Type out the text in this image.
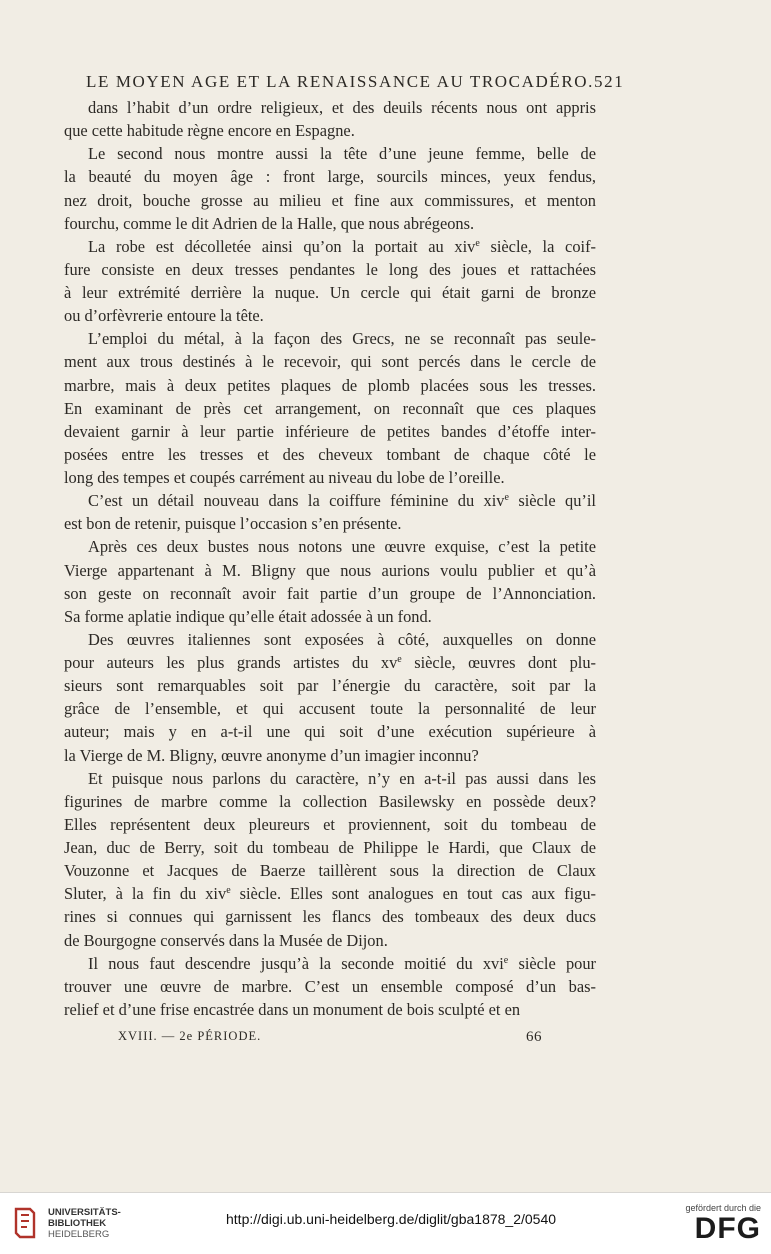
LE MOYEN AGE ET LA RENAISSANCE AU TROCADÉRO. 521

dans l’habit d’un ordre religieux, et des deuils récents nous ont appris
que cette habitude règne encore en Espagne.

Le second nous montre aussi la tête d’une jeune femme, belle de
la beauté du moyen âge : front large, sourcils minces, yeux fendus,
nez droit, bouche grosse au milieu et fine aux commissures, et menton
fourchu, comme le dit Adrien de la Halle, que nous abrégeons.

La robe est décolletée ainsi qu’on la portait au xiv$^e$ siècle, la coif-
fure consiste en deux tresses pendantes le long des joues et rattachées
à leur extrémité derrière la nuque. Un cercle qui était garni de bronze
ou d’orfèvrerie entoure la tête.

L’emploi du métal, à la façon des Grecs, ne se reconnaît pas seule-
ment aux trous destinés à le recevoir, qui sont percés dans le cercle de
marbre, mais à deux petites plaques de plomb placées sous les tresses.
En examinant de près cet arrangement, on reconnaît que ces plaques
devaient garnir à leur partie inférieure de petites bandes d’étoffe inter-
posées entre les tresses et des cheveux tombant de chaque côté le
long des tempes et coupés carrément au niveau du lobe de l’oreille.

C’est un détail nouveau dans la coiffure féminine du xiv$^e$ siècle qu’il
est bon de retenir, puisque l’occasion s’en présente.

Après ces deux bustes nous notons une œuvre exquise, c’est la petite
Vierge appartenant à M. Bligny que nous aurions voulu publier et qu’à
son geste on reconnaît avoir fait partie d’un groupe de l’Annonciation.
Sa forme aplatie indique qu’elle était adossée à un fond.

Des œuvres italiennes sont exposées à côté, auxquelles on donne
pour auteurs les plus grands artistes du $xv^e$ siècle, œuvres dont plu-
sieurs sont remarquables soit par l’énergie du caractère, soit par la
grâce de l’ensemble, et qui accusent toute la personnalité de leur
auteur; mais y en a-t-il une qui soit d’une exécution supérieure à
la Vierge de M. Bligny, œuvre anonyme d’un imagier inconnu?

Et puisque nous parlons du caractère, n’y en a-t-il pas aussi dans les
figurines de marbre comme la collection Basilewsky en possède deux?
Elles représentent deux pleureurs et proviennent, soit du tombeau de
Jean, duc de Berry, soit du tombeau de Philippe le Hardi, que Claux de
Vouzonne et Jacques de Baerze taillèrent sous la direction de Claux
Sluter, à la fin du xiv$^e$ siècle. Elles sont analogues en tout cas aux figu-
rines si connues qui garnissent les flancs des tombeaux des deux ducs
de Bourgogne conservés dans la Musée de Dijon.

Il nous faut descendre jusqu’à la seconde moitié du xvi$^e$ siècle pour
trouver une œuvre de marbre. C’est un ensemble composé d’un bas-
relief et d’une frise encastrée dans un monument de bois sculpté et en

XVIII. — 2e PÉRIODE.	66
UNIVERSITÄTS-
BIBLIOTHEK
HEIDELBERG
http://digi.ub.uni-heidelberg.de/diglit/gba1878_2/0540
gefördert durch die
DFG
